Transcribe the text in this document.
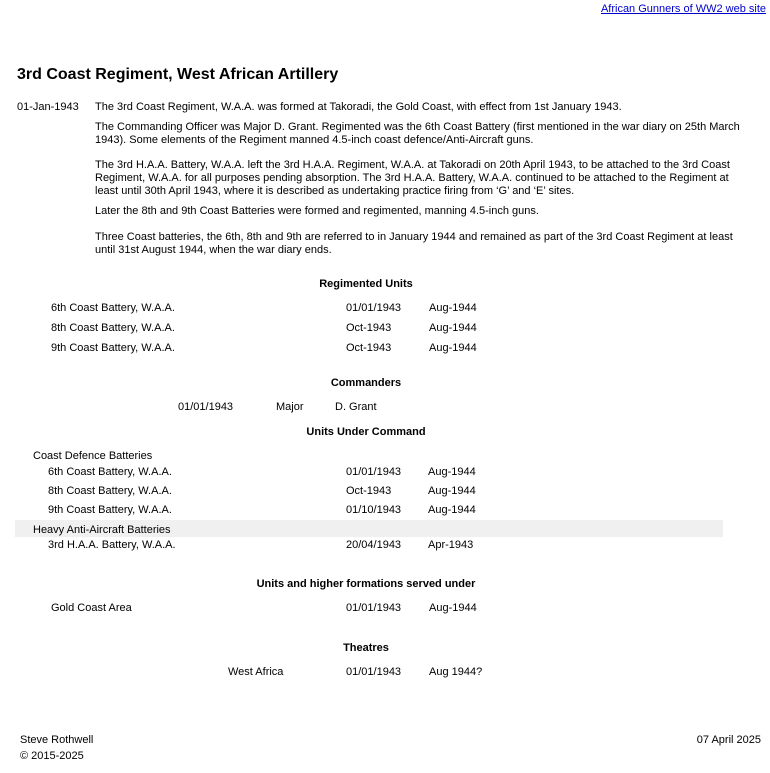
African Gunners of WW2 web site
3rd Coast Regiment, West African Artillery
01-Jan-1943 The 3rd Coast Regiment, W.A.A. was formed at Takoradi, the Gold Coast, with effect from 1st January 1943.
The Commanding Officer was Major D. Grant. Regimented was the 6th Coast Battery (first mentioned in the war diary on 25th March 1943). Some elements of the Regiment manned 4.5-inch coast defence/Anti-Aircraft guns.
The 3rd H.A.A. Battery, W.A.A. left the 3rd H.A.A. Regiment, W.A.A. at Takoradi on 20th April 1943, to be attached to the 3rd Coast Regiment, W.A.A. for all purposes pending absorption. The 3rd H.A.A. Battery, W.A.A. continued to be attached to the Regiment at least until 30th April 1943, where it is described as undertaking practice firing from ‘G’ and ‘E’ sites.
Later the 8th and 9th Coast Batteries were formed and regimented, manning 4.5-inch guns.
Three Coast batteries, the 6th, 8th and 9th are referred to in January 1944 and remained as part of the 3rd Coast Regiment at least until 31st August 1944, when the war diary ends.
Regimented Units
6th Coast Battery, W.A.A.	01/01/1943	Aug-1944
8th Coast Battery, W.A.A.	Oct-1943	Aug-1944
9th Coast Battery, W.A.A.	Oct-1943	Aug-1944
Commanders
01/01/1943	Major	D. Grant
Units Under Command
Coast Defence Batteries
6th Coast Battery, W.A.A.	01/01/1943 Aug-1944
8th Coast Battery, W.A.A.	Oct-1943	Aug-1944
9th Coast Battery, W.A.A.	01/10/1943 Aug-1944
Heavy Anti-Aircraft Batteries
3rd H.A.A. Battery, W.A.A.	20/04/1943 Apr-1943
Units and higher formations served under
Gold Coast Area	01/01/1943	Aug-1944
Theatres
West Africa	01/01/1943	Aug 1944?
Steve Rothwell
© 2015-2025
07 April 2025
